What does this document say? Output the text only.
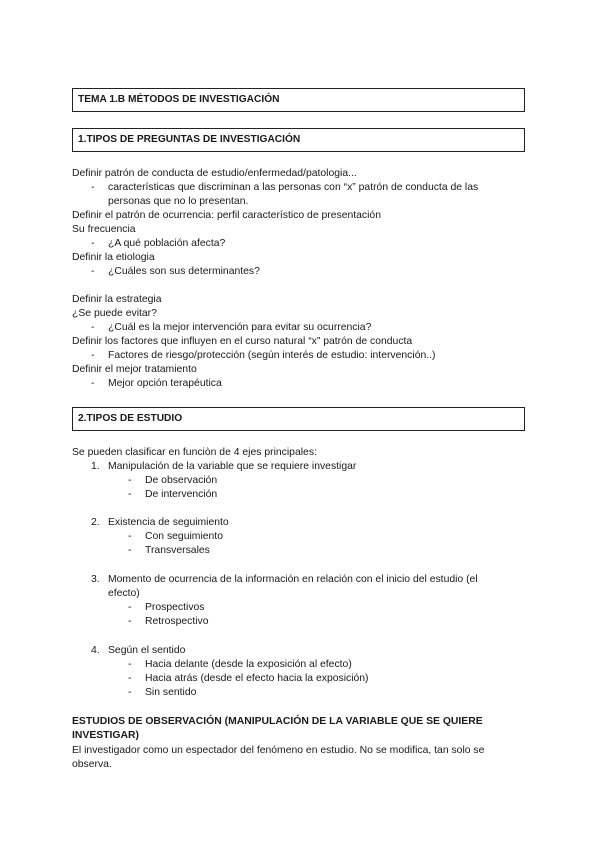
TEMA 1.B MÉTODOS DE INVESTIGACIÓN
1.TIPOS DE PREGUNTAS DE INVESTIGACIÓN
Definir patrón de conducta de estudio/enfermedad/patologia...
- características que discriminan a las personas con “x” patrón de conducta de las
personas que no lo presentan.
Definir el patrón de ocurrencia: perfil característico de presentación
Su frecuencia
- ¿A qué población afecta?
Definir la etiologia
- ¿Cuáles son sus determinantes?
Definir la estrategia
¿Se puede evitar?
- ¿Cuál es la mejor intervención para evitar su ocurrencia?
Definir los factores que influyen en el curso natural “x” patrón de conducta
- Factores de riesgo/protección (según interés de estudio: intervención..)
Definir el mejor tratamiento
- Mejor opción terapéutica
2.TIPOS DE ESTUDIO
Se pueden clasificar en funciòn de 4 ejes principales:
1. Manipulación de la variable que se requiere investigar
- De observación
- De intervención
2. Existencia de seguimiento
- Con seguimiento
- Transversales
3. Momento de ocurrencia de la información en relación con el inicio del estudio (el
efecto)
- Prospectivos
- Retrospectivo
4. Según el sentido
- Hacia delante (desde la exposición al efecto)
- Hacia atrás (desde el efecto hacia la exposición)
- Sin sentido
ESTUDIOS DE OBSERVACIÓN (MANIPULACIÓN DE LA VARIABLE QUE SE QUIERE
INVESTIGAR)
El investigador como un espectador del fenómeno en estudio. No se modifica, tan solo se
observa.
